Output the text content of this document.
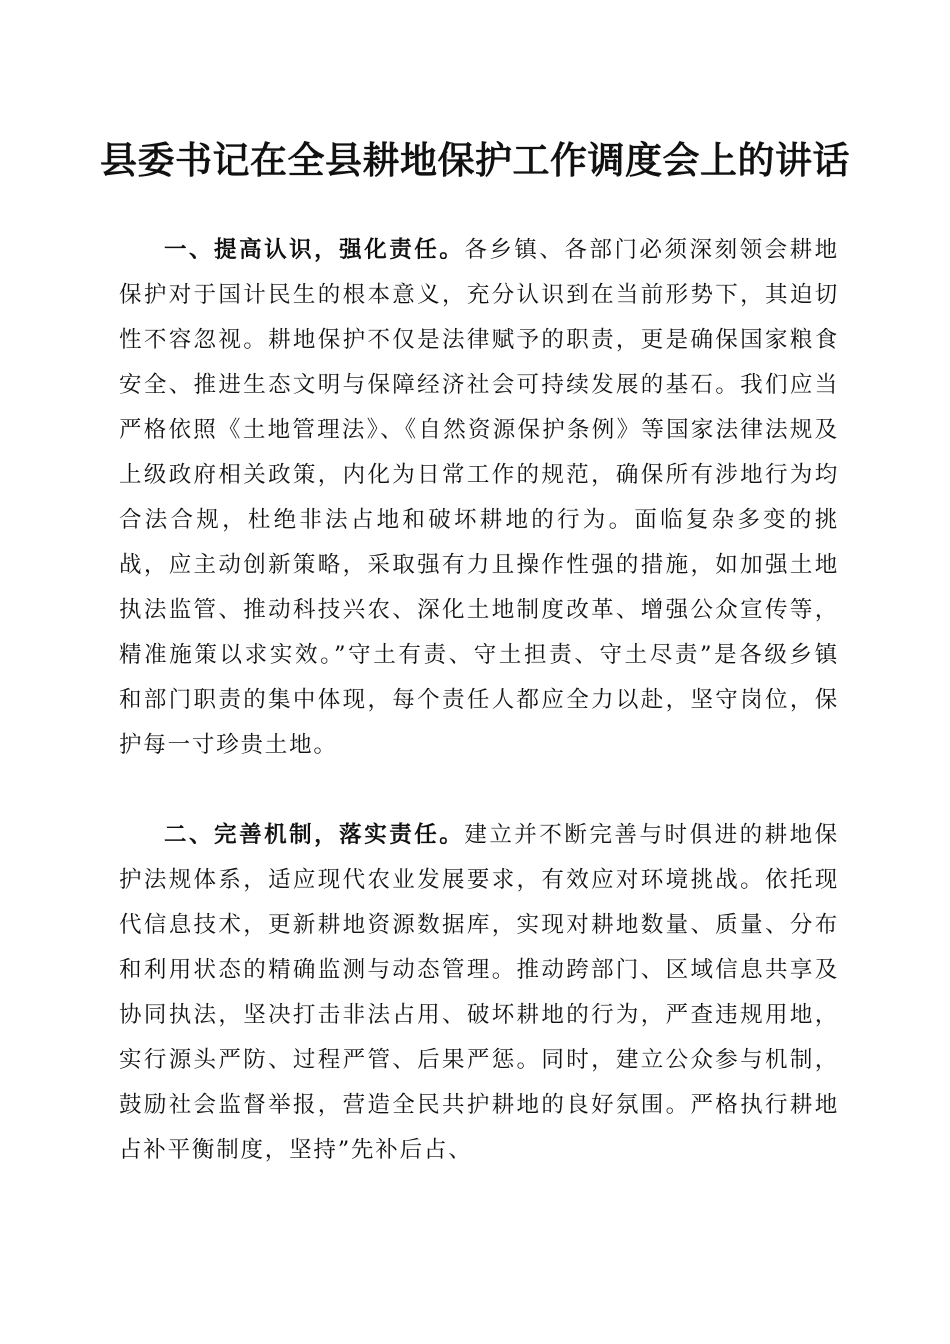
县委书记在全县耕地保护工作调度会上的讲话

一、提高认识，强化责任。各乡镇、各部门必须深刻领会耕地保护对于国计民生的根本意义，充分认识到在当前形势下，其迫切性不容忽视。耕地保护不仅是法律赋予的职责，更是确保国家粮食安全、推进生态文明与保障经济社会可持续发展的基石。我们应当严格依照《土地管理法》、《自然资源保护条例》等国家法律法规及上级政府相关政策，内化为日常工作的规范，确保所有涉地行为均合法合规，杜绝非法占地和破坏耕地的行为。面临复杂多变的挑战，应主动创新策略，采取强有力且操作性强的措施，如加强土地执法监管、推动科技兴农、深化土地制度改革、增强公众宣传等，精准施策以求实效。”守土有责、守土担责、守土尽责”是各级乡镇和部门职责的集中体现，每个责任人都应全力以赴，坚守岗位，保护每一寸珍贵土地。

二、完善机制，落实责任。建立并不断完善与时俱进的耕地保护法规体系，适应现代农业发展要求，有效应对环境挑战。依托现代信息技术，更新耕地资源数据库，实现对耕地数量、质量、分布和利用状态的精确监测与动态管理。推动跨部门、区域信息共享及协同执法，坚决打击非法占用、破坏耕地的行为，严查违规用地，实行源头严防、过程严管、后果严惩。同时，建立公众参与机制，鼓励社会监督举报，营造全民共护耕地的良好氛围。严格执行耕地占补平衡制度，坚持”先补后占、
